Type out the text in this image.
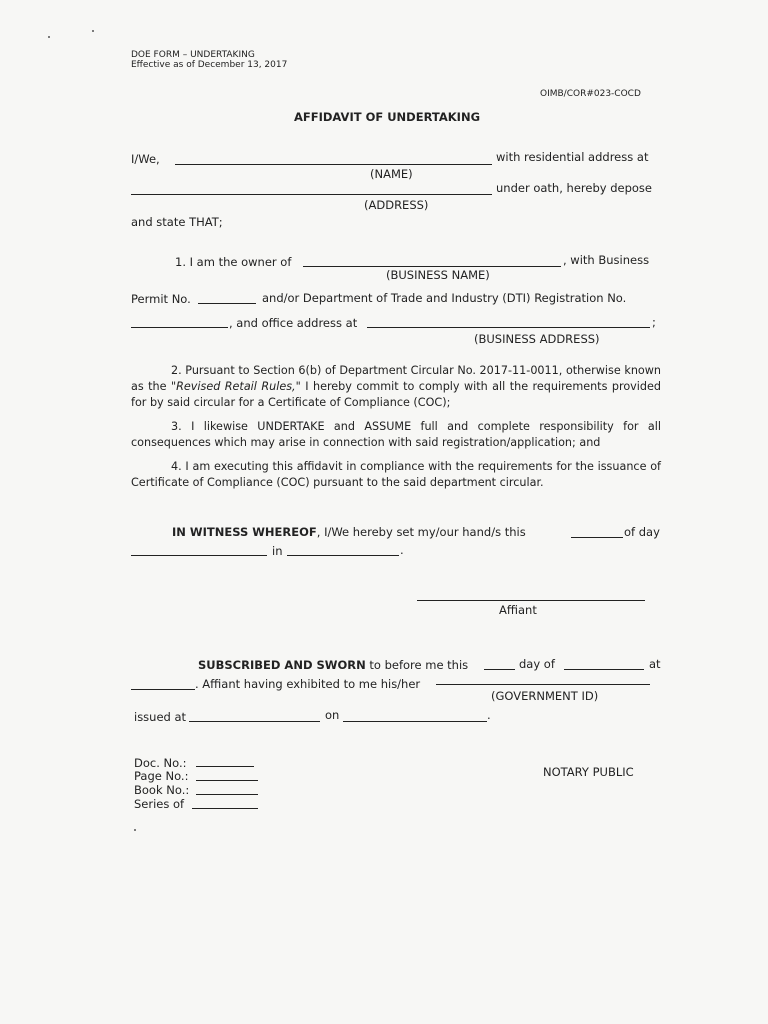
DOE FORM – UNDERTAKING
Effective as of December 13, 2017
OIMB/COR#023-COCD
AFFIDAVIT OF UNDERTAKING
I/We,	with residential address at
(NAME)
under oath, hereby depose
(ADDRESS)
and state THAT;
1. I am the owner of	, with Business
(BUSINESS NAME)
Permit No.	and/or Department of Trade and Industry (DTI) Registration No.
, and office address at	;
(BUSINESS ADDRESS)
2. Pursuant to Section 6(b) of Department Circular No. 2017-11-0011, otherwise known as the "Revised Retail Rules," I hereby commit to comply with all the requirements provided for by said circular for a Certificate of Compliance (COC);
3. I likewise UNDERTAKE and ASSUME full and complete responsibility for all consequences which may arise in connection with said registration/application; and
4. I am executing this affidavit in compliance with the requirements for the issuance of Certificate of Compliance (COC) pursuant to the said department circular.
IN WITNESS WHEREOF, I/We hereby set my/our hand/s this	of day
in	.
Affiant
SUBSCRIBED AND SWORN to before me this	day of	at
. Affiant having exhibited to me his/her
(GOVERNMENT ID)
issued at	on	.
Doc. No.:
Page No.:
Book No.:
Series of
NOTARY PUBLIC
